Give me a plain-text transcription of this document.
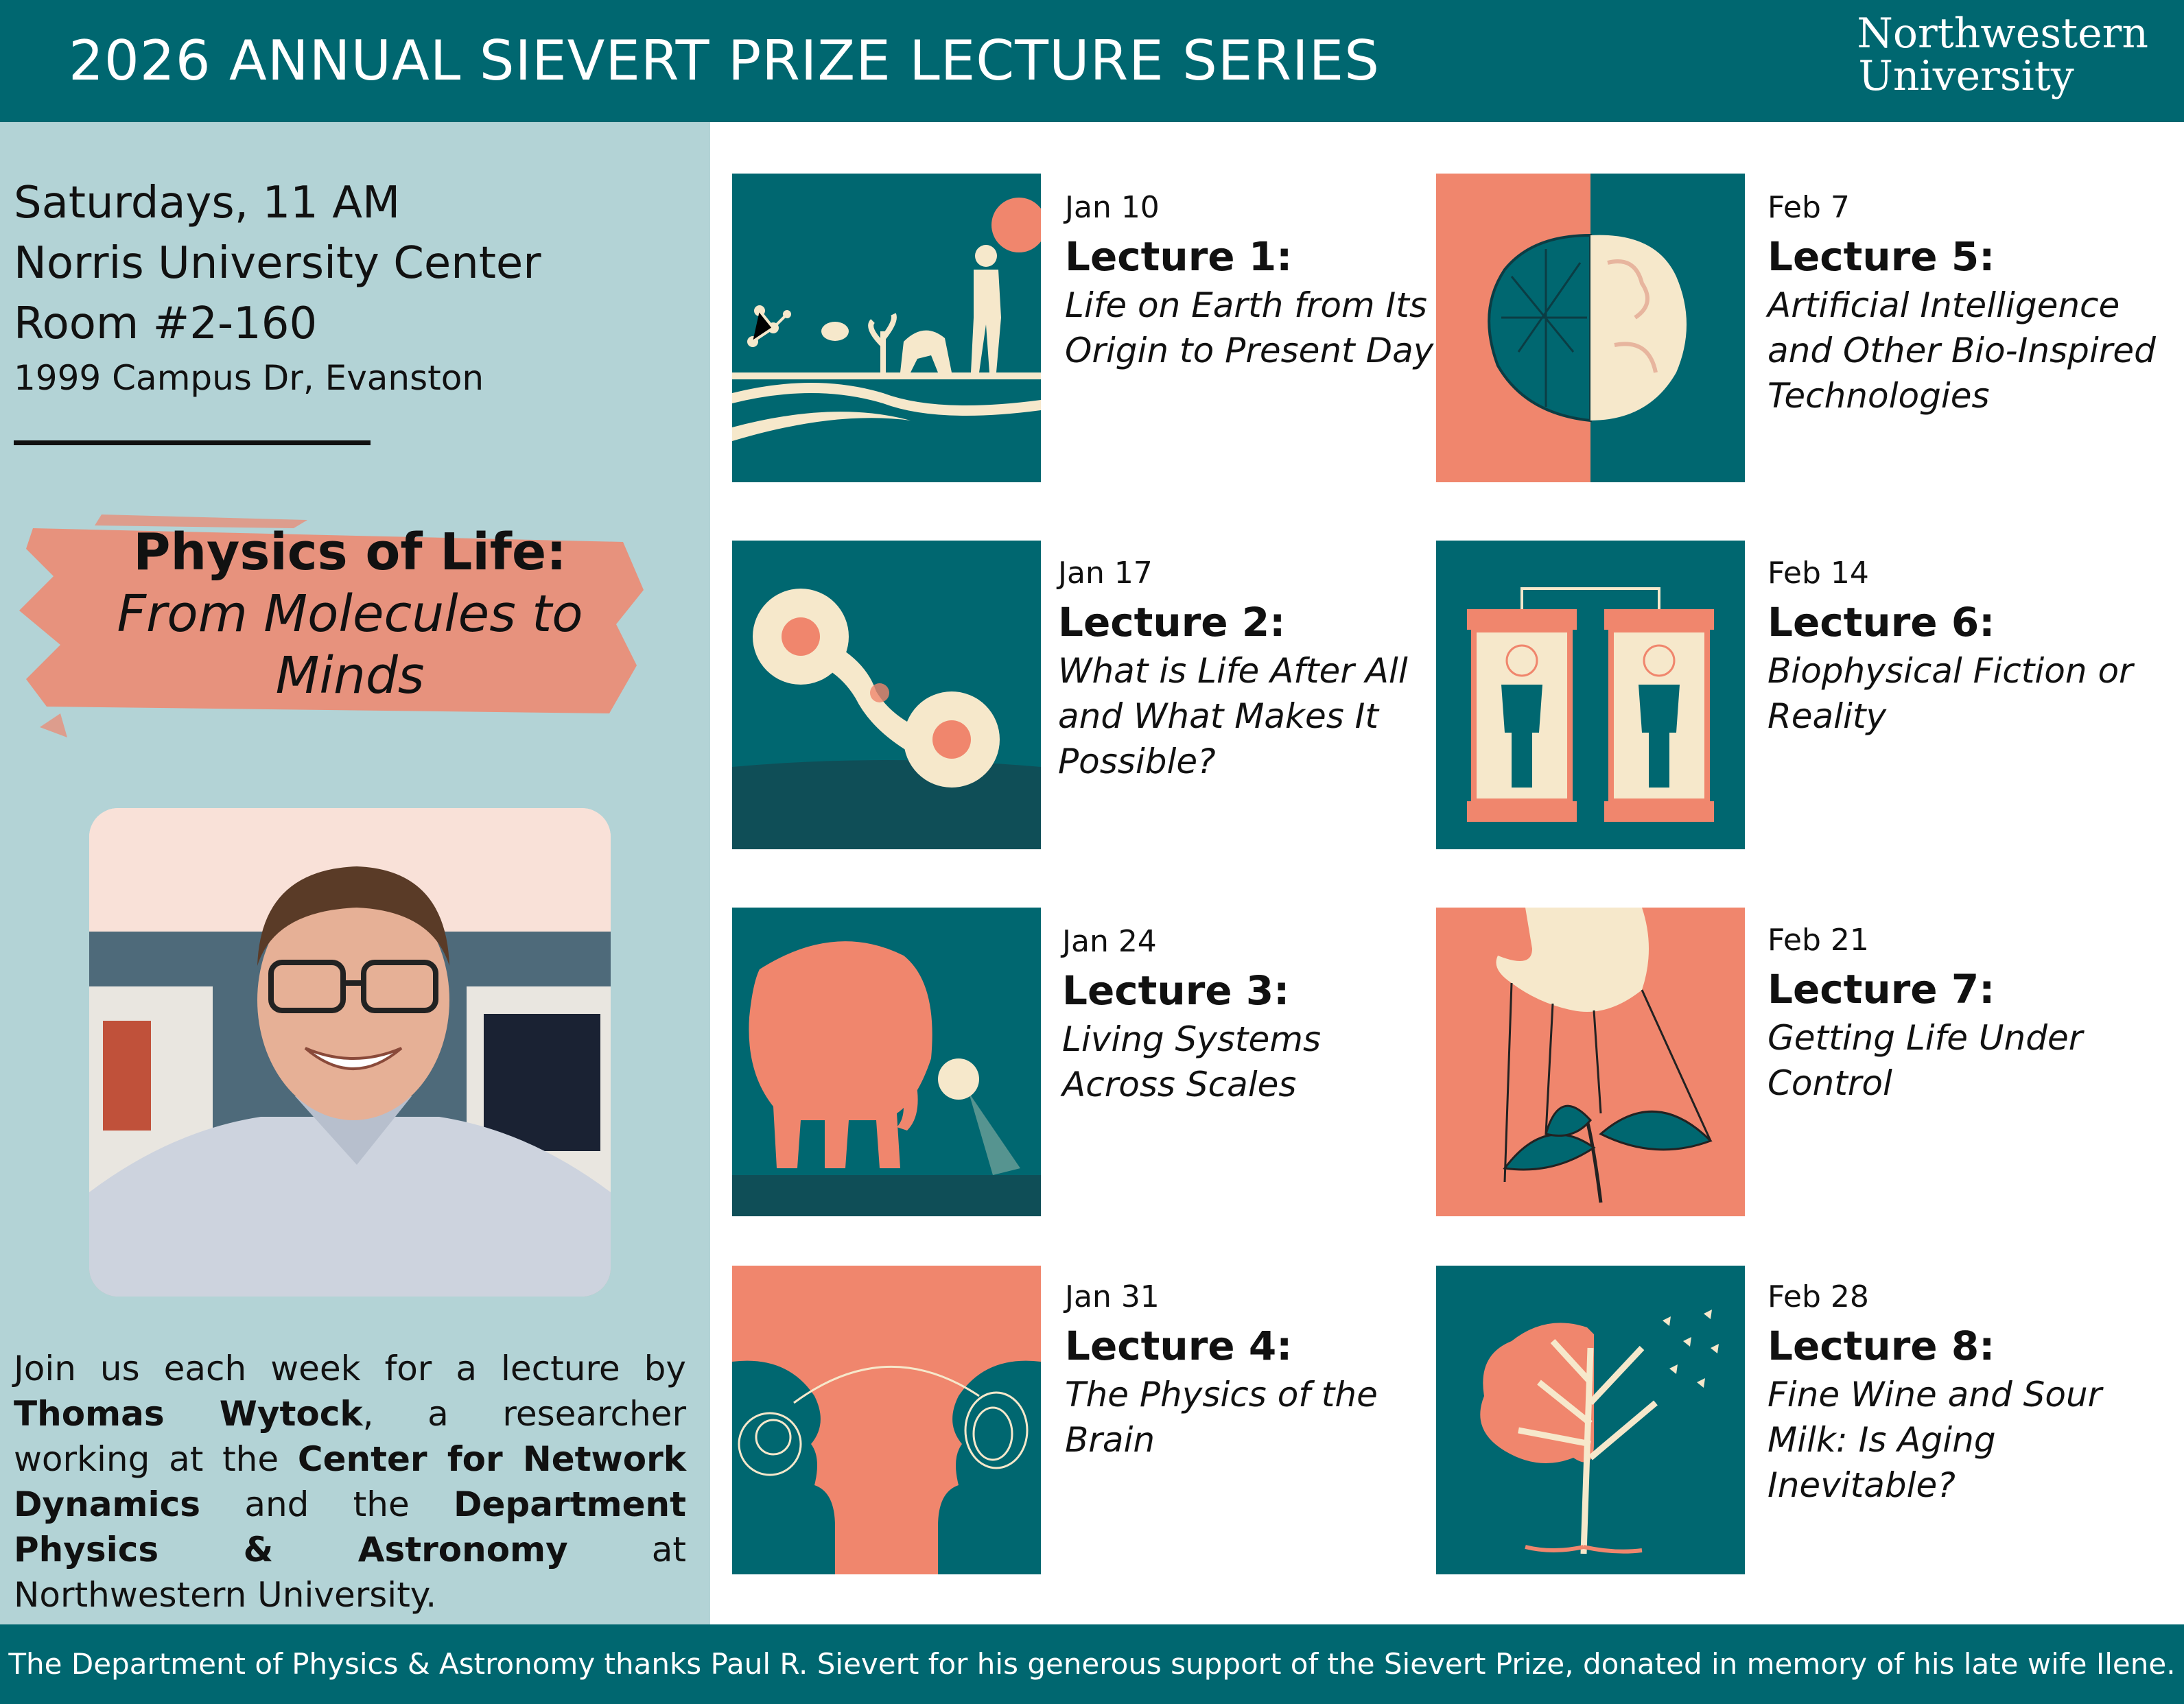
2026 ANNUAL SIEVERT PRIZE LECTURE SERIES	Northwestern
University
Saturdays, 11 AM
Norris University Center
Room #2-160
1999 Campus Dr, Evanston
Physics of Life:
From Molecules to
Minds
Join us each week for a lecture by Thomas Wytock, a researcher working at the Center for Network Dynamics and the Department Physics & Astronomy at Northwestern University.
Jan 10
Lecture 1:
Life on Earth from Its
Origin to Present Day
Jan 17
Lecture 2:
What is Life After All
and What Makes It
Possible?
Jan 24
Lecture 3:
Living Systems
Across Scales
Jan 31
Lecture 4:
The Physics of the
Brain
Feb 7
Lecture 5:
Artificial Intelligence
and Other Bio-Inspired
Technologies
Feb 14
Lecture 6:
Biophysical Fiction or
Reality
Feb 21
Lecture 7:
Getting Life Under
Control
Feb 28
Lecture 8:
Fine Wine and Sour
Milk: Is Aging
Inevitable?
The Department of Physics & Astronomy thanks Paul R. Sievert for his generous support of the Sievert Prize, donated in memory of his late wife Ilene.
